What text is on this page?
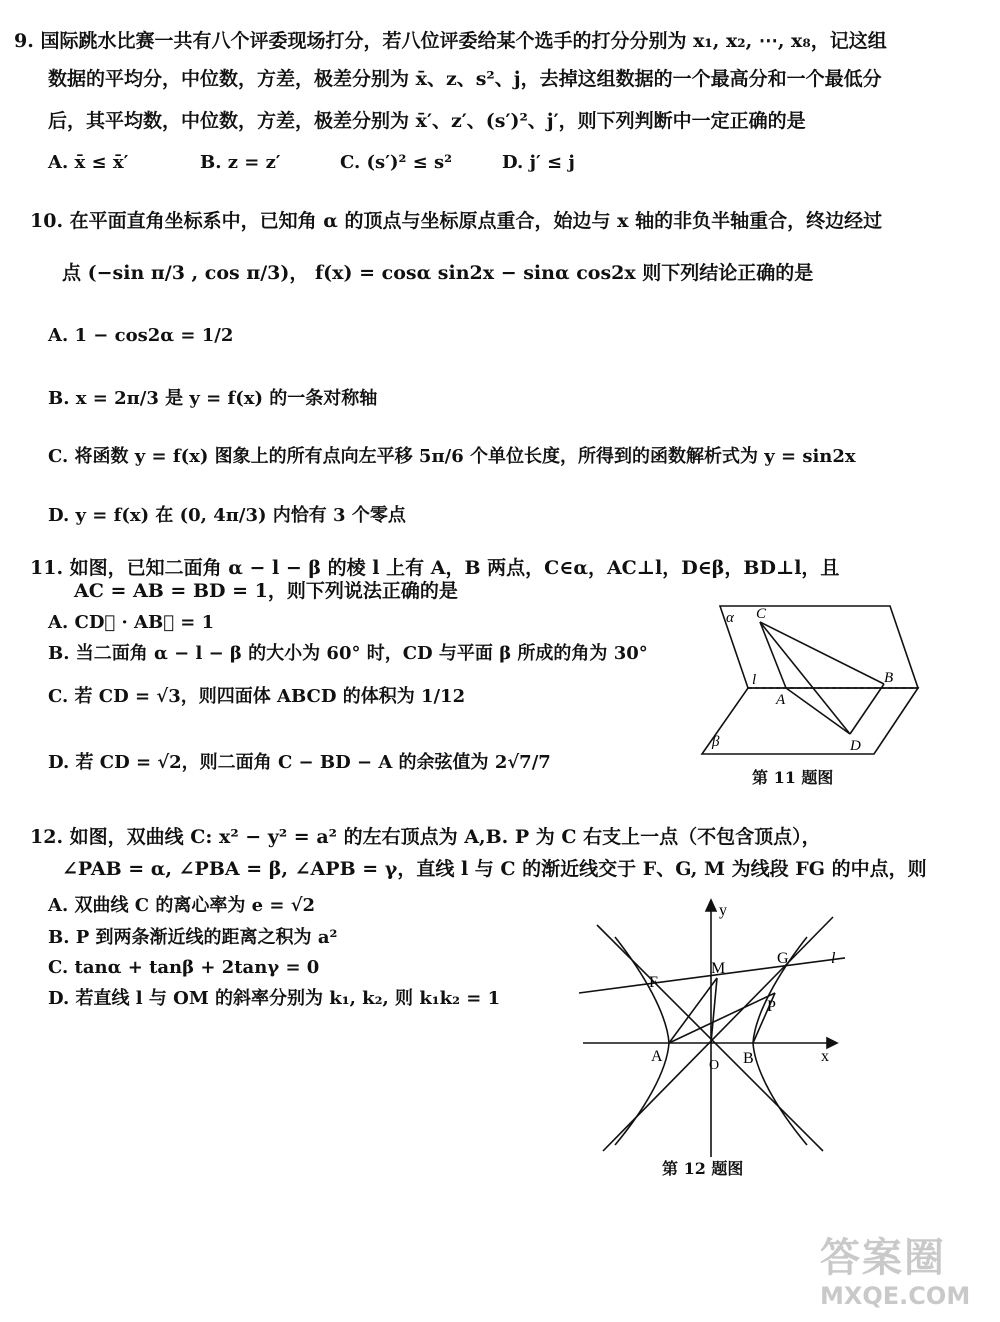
9. 国际跳水比赛一共有八个评委现场打分，若八位评委给某个选手的打分分别为 x₁, x₂, ⋯, x₈，记这组
数据的平均分，中位数，方差，极差分别为 x̄、z、s²、j，去掉这组数据的一个最高分和一个最低分
后，其平均数，中位数，方差，极差分别为 x̄′、z′、(s′)²、j′，则下列判断中一定正确的是
A. x̄ ≤ x̄′	B. z = z′	C. (s′)² ≤ s²	D. j′ ≤ j
10. 在平面直角坐标系中，已知角 α 的顶点与坐标原点重合，始边与 x 轴的非负半轴重合，终边经过
点 (−sin π/3 , cos π/3)， f(x) = cosα sin2x − sinα cos2x 则下列结论正确的是
A. 1 − cos2α = 1/2
B. x = 2π/3 是 y = f(x) 的一条对称轴
C. 将函数 y = f(x) 图象上的所有点向左平移 5π/6 个单位长度，所得到的函数解析式为 y = sin2x
D. y = f(x) 在 (0, 4π/3) 内恰有 3 个零点
11. 如图，已知二面角 α − l − β 的棱 l 上有 A，B 两点，C∈α，AC⊥l，D∈β，BD⊥l，且
AC = AB = BD = 1，则下列说法正确的是
A. CD⃗ · AB⃗ = 1
B. 当二面角 α − l − β 的大小为 60° 时，CD 与平面 β 所成的角为 30°
C. 若 CD = √3，则四面体 ABCD 的体积为 1/12
D. 若 CD = √2，则二面角 C − BD − A 的余弦值为 2√7/7
α C
l
A
B
D
β
第 11 题图
12. 如图，双曲线 C: x² − y² = a² 的左右顶点为 A,B. P 为 C 右支上一点（不包含顶点），
∠PAB = α, ∠PBA = β, ∠APB = γ，直线 l 与 C 的渐近线交于 F、G, M 为线段 FG 的中点，则
A. 双曲线 C 的离心率为 e = √2
B. P 到两条渐近线的距离之积为 a²
C. tanα + tanβ + 2tanγ = 0
D. 若直线 l 与 OM 的斜率分别为 k₁, k₂, 则 k₁k₂ = 1
y
x
O
A	B
F
M
G
P
l
第 12 题图
答案圈
MXQE.COM
